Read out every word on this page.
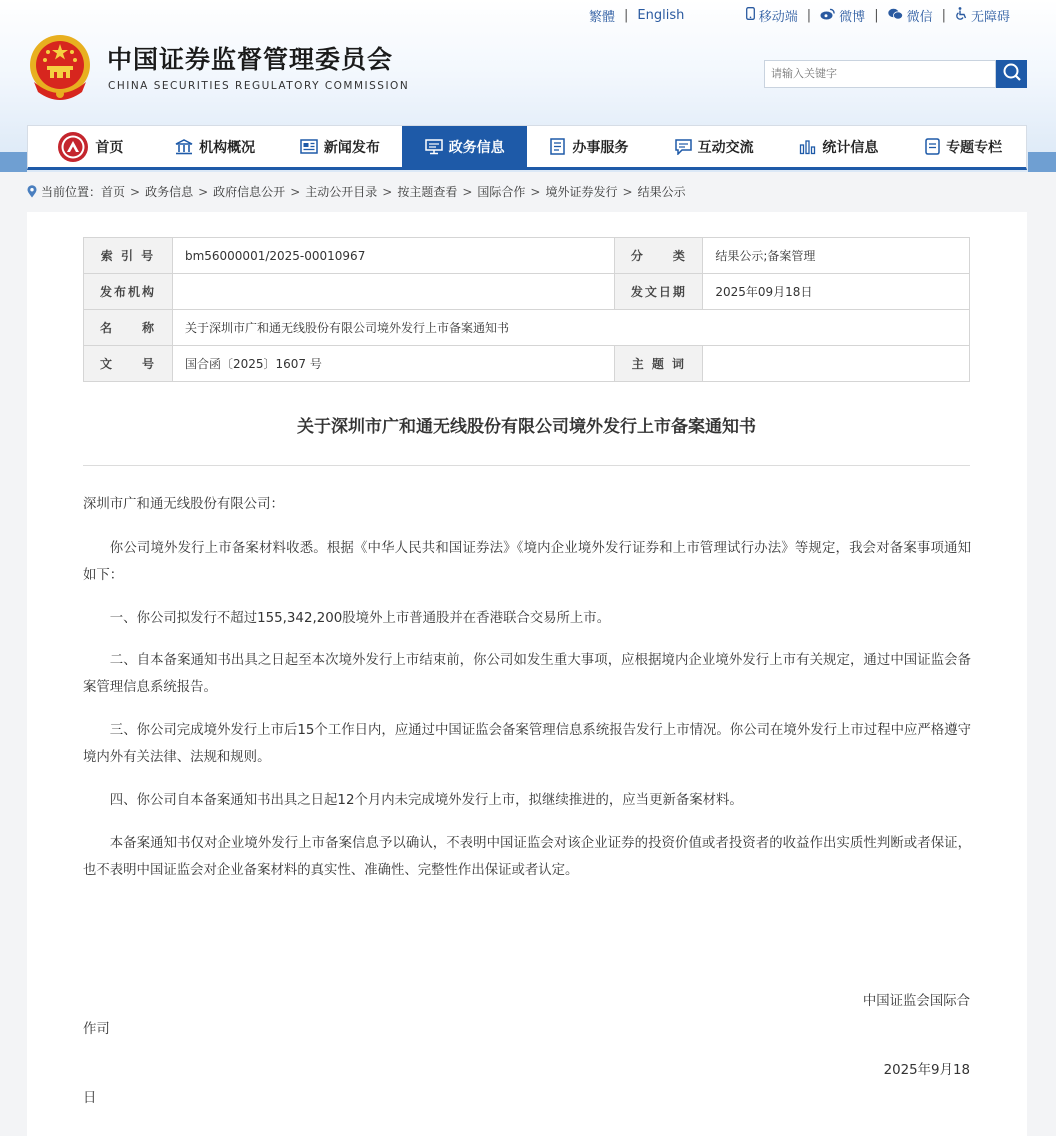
繁體 | English	移动端 | 微博 | 微信 | 无障碍
中国证券监督管理委员会
CHINA SECURITIES REGULATORY COMMISSION
请输入关键字
首页	机构概况	新闻发布	政务信息	办事服务	互动交流	统计信息	专题专栏
当前位置： 首页 > 政务信息 > 政府信息公开 > 主动公开目录 > 按主题查看 > 国际合作 > 境外证券发行 > 结果公示
索 引 号	bm56000001/2025-00010967	分　　类	结果公示;备案管理
发布机构		发文日期	2025年09月18日
名　　称	关于深圳市广和通无线股份有限公司境外发行上市备案通知书		
文　　号	国合函〔2025〕1607 号	主 题 词	
关于深圳市广和通无线股份有限公司境外发行上市备案通知书
深圳市广和通无线股份有限公司：

你公司境外发行上市备案材料收悉。根据《中华人民共和国证券法》《境内企业境外发行证券和上市管理试行办法》等规定，我会对备案事项通知如下：

一、你公司拟发行不超过155,342,200股境外上市普通股并在香港联合交易所上市。

二、自本备案通知书出具之日起至本次境外发行上市结束前，你公司如发生重大事项，应根据境内企业境外发行上市有关规定，通过中国证监会备案管理信息系统报告。

三、你公司完成境外发行上市后15个工作日内，应通过中国证监会备案管理信息系统报告发行上市情况。你公司在境外发行上市过程中应严格遵守境内外有关法律、法规和规则。

四、你公司自本备案通知书出具之日起12个月内未完成境外发行上市，拟继续推进的，应当更新备案材料。

本备案通知书仅对企业境外发行上市备案信息予以确认，不表明中国证监会对该企业证券的投资价值或者投资者的收益作出实质性判断或者保证，也不表明中国证监会对企业备案材料的真实性、准确性、完整性作出保证或者认定。

中国证监会国际合
作司
2025年9月18
日
